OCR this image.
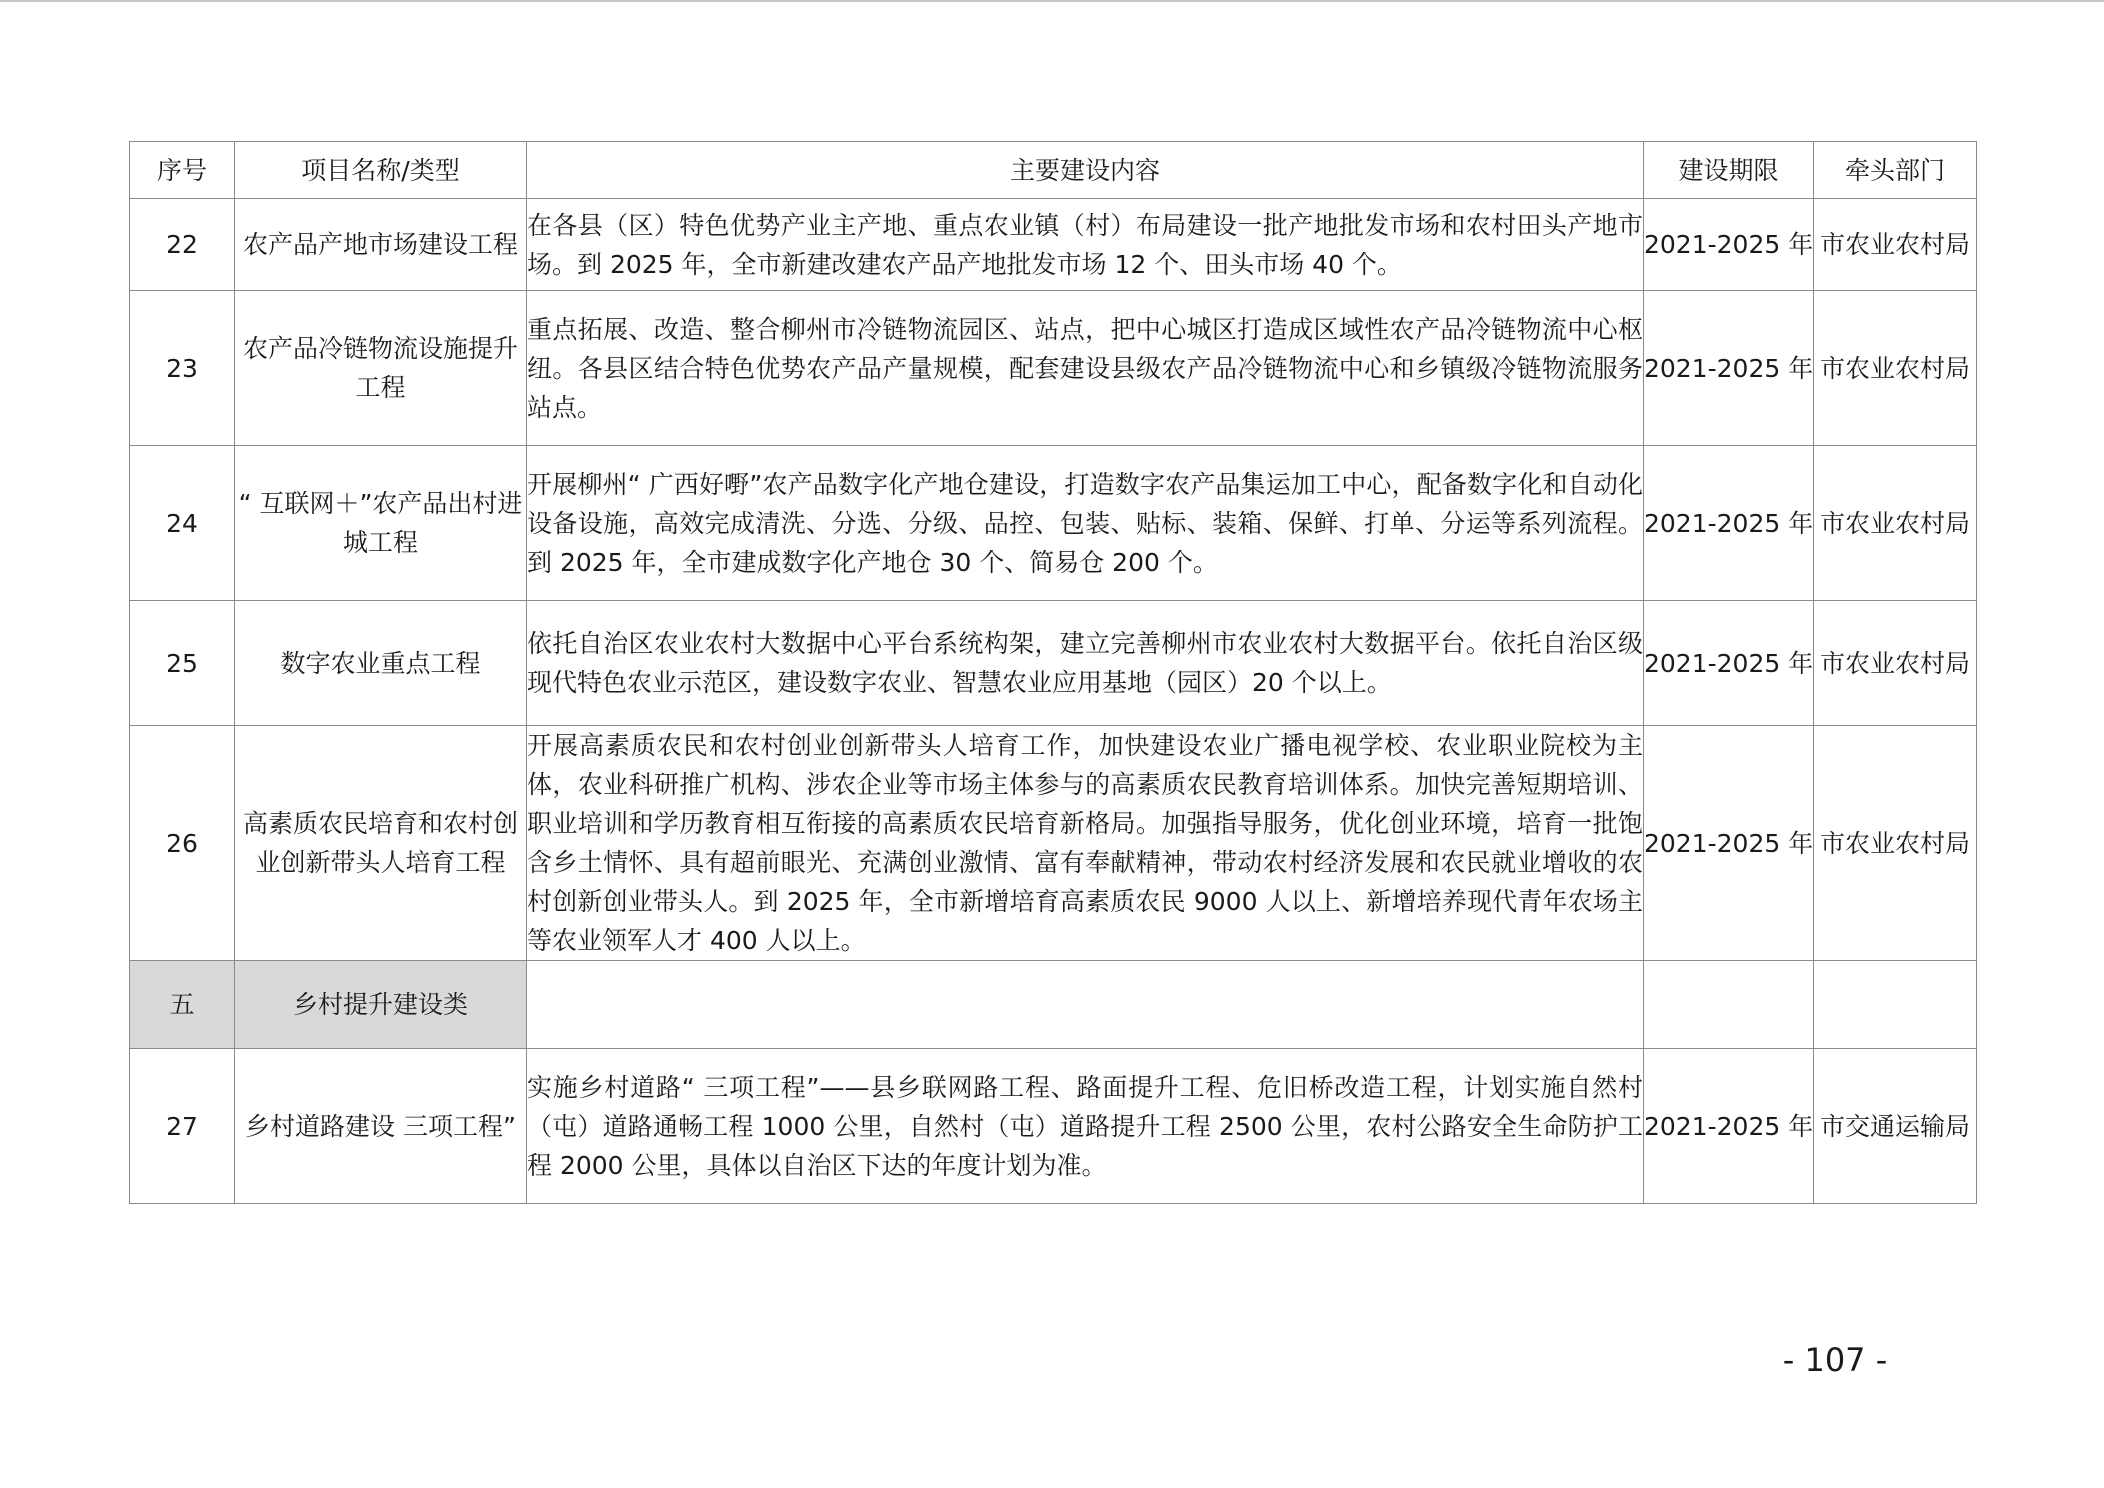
序号	项目名称/类型	主要建设内容	建设期限	牵头部门
22	农产品产地市场建设工程	在各县（区）特色优势产业主产地、重点农业镇（村）布局建设一批产地批发市场和农村田头产地市场。到 2025 年，全市新建改建农产品产地批发市场 12 个、田头市场 40 个。	2021-2025 年	市农业农村局
23	农产品冷链物流设施提升工程	重点拓展、改造、整合柳州市冷链物流园区、站点，把中心城区打造成区域性农产品冷链物流中心枢纽。各县区结合特色优势农产品产量规模，配套建设县级农产品冷链物流中心和乡镇级冷链物流服务站点。	2021-2025 年	市农业农村局
24	“ 互联网＋”农产品出村进城工程	开展柳州“ 广西好嘢”农产品数字化产地仓建设，打造数字农产品集运加工中心，配备数字化和自动化设备设施，高效完成清洗、分选、分级、品控、包装、贴标、装箱、保鲜、打单、分运等系列流程。到 2025 年，全市建成数字化产地仓 30 个、简易仓 200 个。	2021-2025 年	市农业农村局
25	数字农业重点工程	依托自治区农业农村大数据中心平台系统构架，建立完善柳州市农业农村大数据平台。依托自治区级现代特色农业示范区，建设数字农业、智慧农业应用基地（园区）20 个以上。	2021-2025 年	市农业农村局
26	高素质农民培育和农村创业创新带头人培育工程	开展高素质农民和农村创业创新带头人培育工作，加快建设农业广播电视学校、农业职业院校为主体，农业科研推广机构、涉农企业等市场主体参与的高素质农民教育培训体系。加快完善短期培训、职业培训和学历教育相互衔接的高素质农民培育新格局。加强指导服务，优化创业环境，培育一批饱含乡土情怀、具有超前眼光、充满创业激情、富有奉献精神，带动农村经济发展和农民就业增收的农村创新创业带头人。到 2025 年，全市新增培育高素质农民 9000 人以上、新增培养现代青年农场主等农业领军人才 400 人以上。	2021-2025 年	市农业农村局
五	乡村提升建设类			
27	乡村道路建设 三项工程”	实施乡村道路“ 三项工程”——县乡联网路工程、路面提升工程、危旧桥改造工程，计划实施自然村（屯）道路通畅工程 1000 公里，自然村（屯）道路提升工程 2500 公里，农村公路安全生命防护工程 2000 公里，具体以自治区下达的年度计划为准。	2021-2025 年	市交通运输局
- 107 -
